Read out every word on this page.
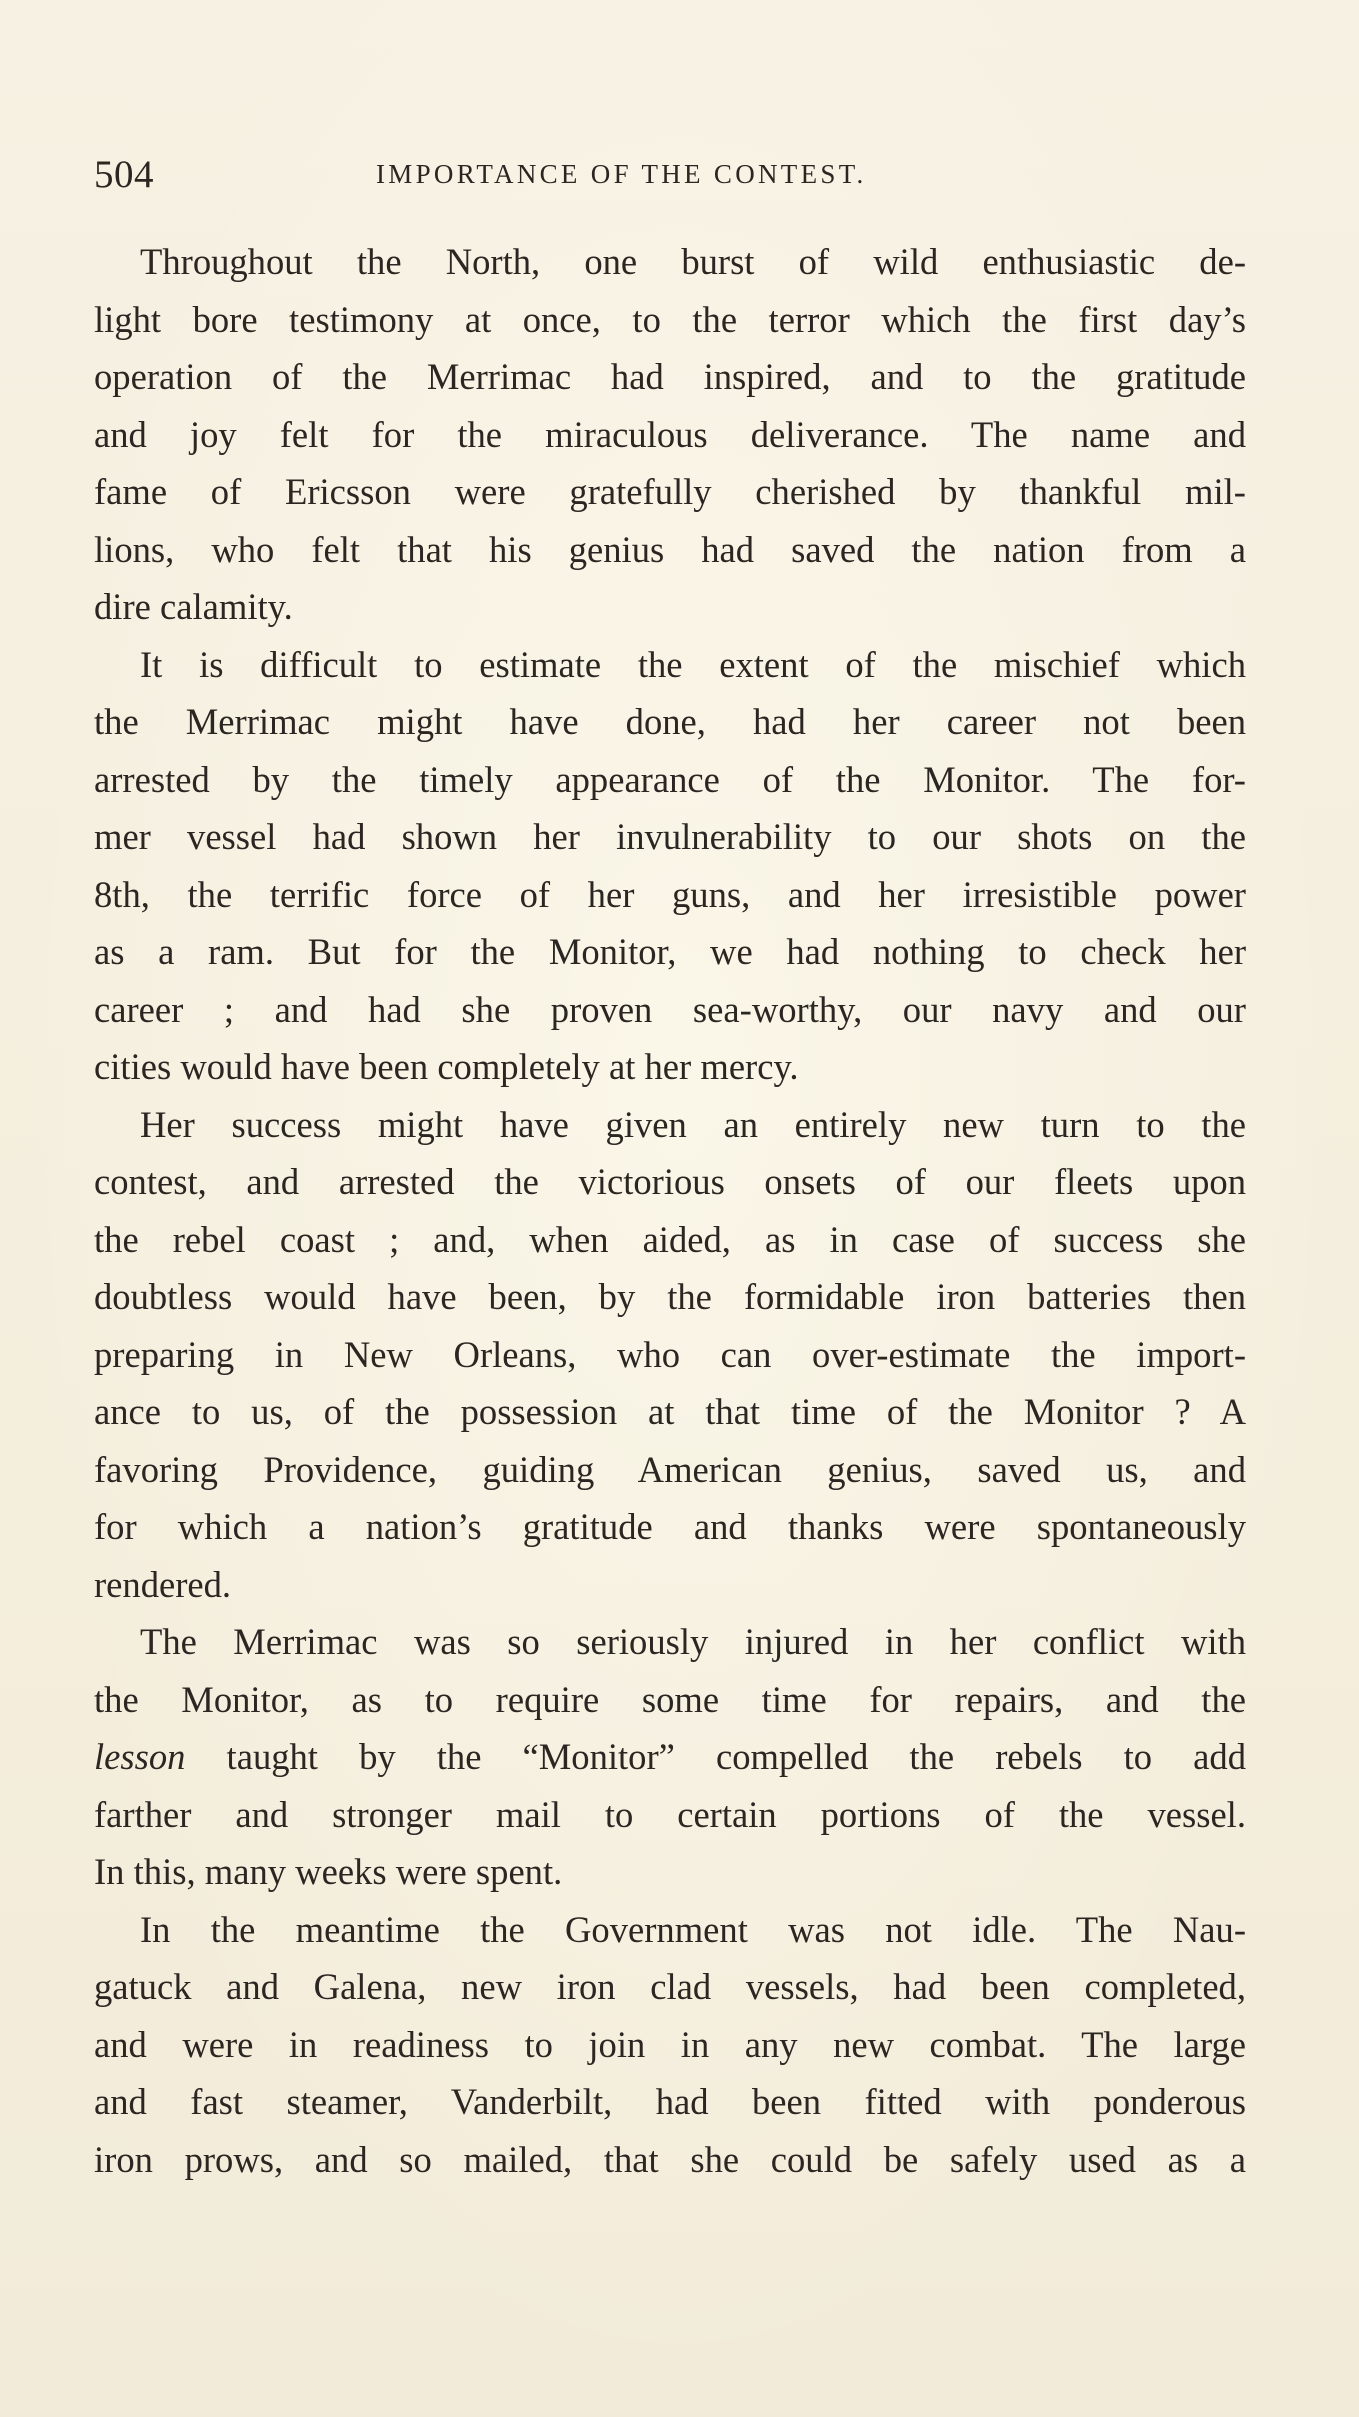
504	IMPORTANCE OF THE CONTEST.
Throughout the North, one burst of wild enthusiastic de-
light bore testimony at once, to the terror which the first day’s
operation of the Merrimac had inspired, and to the gratitude
and joy felt for the miraculous deliverance. The name and
fame of Ericsson were gratefully cherished by thankful mil-
lions, who felt that his genius had saved the nation from a
dire calamity.
It is difficult to estimate the extent of the mischief which
the Merrimac might have done, had her career not been
arrested by the timely appearance of the Monitor. The for-
mer vessel had shown her invulnerability to our shots on the
8th, the terrific force of her guns, and her irresistible power
as a ram. But for the Monitor, we had nothing to check her
career ; and had she proven sea-worthy, our navy and our
cities would have been completely at her mercy.
Her success might have given an entirely new turn to the
contest, and arrested the victorious onsets of our fleets upon
the rebel coast ; and, when aided, as in case of success she
doubtless would have been, by the formidable iron batteries then
preparing in New Orleans, who can over-estimate the import-
ance to us, of the possession at that time of the Monitor ? A
favoring Providence, guiding American genius, saved us, and
for which a nation’s gratitude and thanks were spontaneously
rendered.
The Merrimac was so seriously injured in her conflict with
the Monitor, as to require some time for repairs, and the
lesson taught by the “Monitor” compelled the rebels to add
farther and stronger mail to certain portions of the vessel.
In this, many weeks were spent.
In the meantime the Government was not idle. The Nau-
gatuck and Galena, new iron clad vessels, had been completed,
and were in readiness to join in any new combat. The large
and fast steamer, Vanderbilt, had been fitted with ponderous
iron prows, and so mailed, that she could be safely used as a
